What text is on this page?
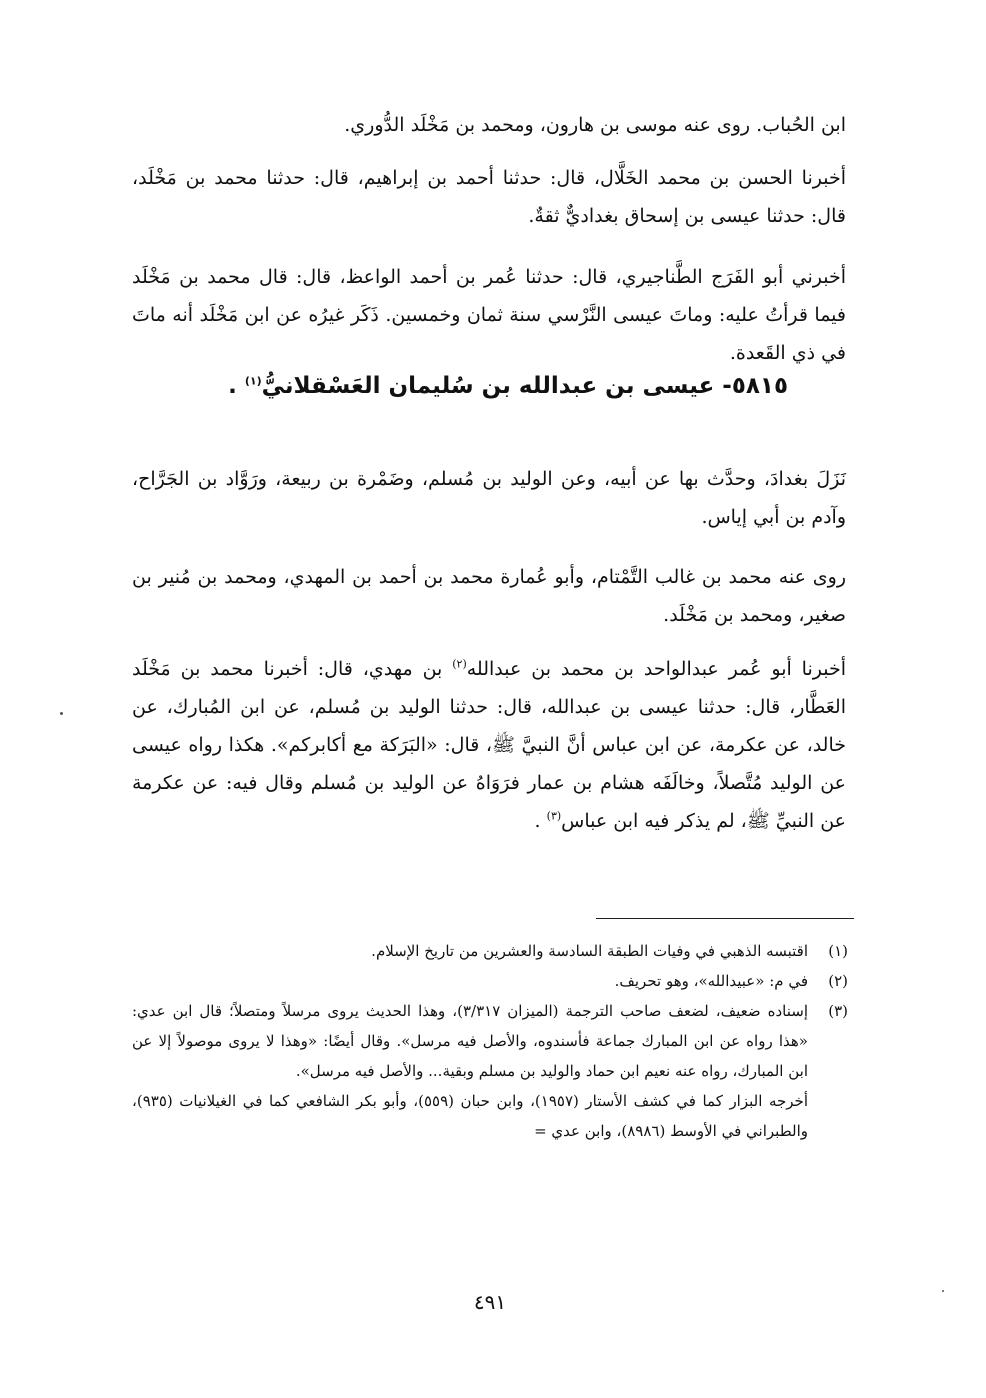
ابن الحُباب. روى عنه موسى بن هارون، ومحمد بن مَخْلَد الدُّوري.

أخبرنا الحسن بن محمد الخَلَّال، قال: حدثنا أحمد بن إبراهيم، قال: حدثنا محمد بن مَخْلَد، قال: حدثنا عيسى بن إسحاق بغداديٌّ ثقةٌ.

أخبرني أبو الفَرَج الطَّناجيري، قال: حدثنا عُمر بن أحمد الواعظ، قال: قال محمد بن مَخْلَد فيما قرأتُ عليه: وماتَ عيسى النَّرْسي سنة ثمان وخمسين. ذَكَر غيرُه عن ابن مَخْلَد أنه ماتَ في ذي القَعدة.

٥٨١٥- عيسى بن عبدالله بن سُليمان العَسْقلانيُّ$^{(١)}$ .

نَزَلَ بغدادَ، وحدَّث بها عن أبيه، وعن الوليد بن مُسلم، وضَمْرة بن ربيعة، ورَوَّاد بن الجَرَّاح، وآدم بن أبي إياس.

روى عنه محمد بن غالب التَّمْتام، وأبو عُمارة محمد بن أحمد بن المهدي، ومحمد بن مُنير بن صغير، ومحمد بن مَخْلَد.

أخبرنا أبو عُمر عبدالواحد بن محمد بن عبدالله$^{(٢)}$ بن مهدي، قال: أخبرنا محمد بن مَخْلَد العَطَّار، قال: حدثنا عيسى بن عبدالله، قال: حدثنا الوليد بن مُسلم، عن ابن المُبارك، عن خالد، عن عكرمة، عن ابن عباس أنَّ النبيَّ ﷺ، قال: «البَرَكة مع أكابركم». هكذا رواه عيسى عن الوليد مُتَّصلاً، وخالَفَه هشام بن عمار فرَوَاهُ عن الوليد بن مُسلم وقال فيه: عن عكرمة عن النبيِّ ﷺ، لم يذكر فيه ابن عباس$^{(٣)}$ .

(١)
اقتبسه الذهبي في وفيات الطبقة السادسة والعشرين من تاريخ الإسلام.
(٢)
في م: «عبيدالله»، وهو تحريف.
(٣)
إسناده ضعيف، لضعف صاحب الترجمة (الميزان ٣/٣١٧)، وهذا الحديث يروى مرسلاً ومتصلاً؛ قال ابن عدي: «هذا رواه عن ابن المبارك جماعة فأسندوه، والأصل فيه مرسل». وقال أيضًا: «وهذا لا يروى موصولاً إلا عن ابن المبارك، رواه عنه نعيم ابن حماد والوليد بن مسلم وبقية... والأصل فيه مرسل».
أخرجه البزار كما في كشف الأستار (١٩٥٧)، وابن حبان (٥٥٩)، وأبو بكر الشافعي كما في الغيلانيات (٩٣٥)، والطبراني في الأوسط (٨٩٨٦)، وابن عدي =
٤٩١
